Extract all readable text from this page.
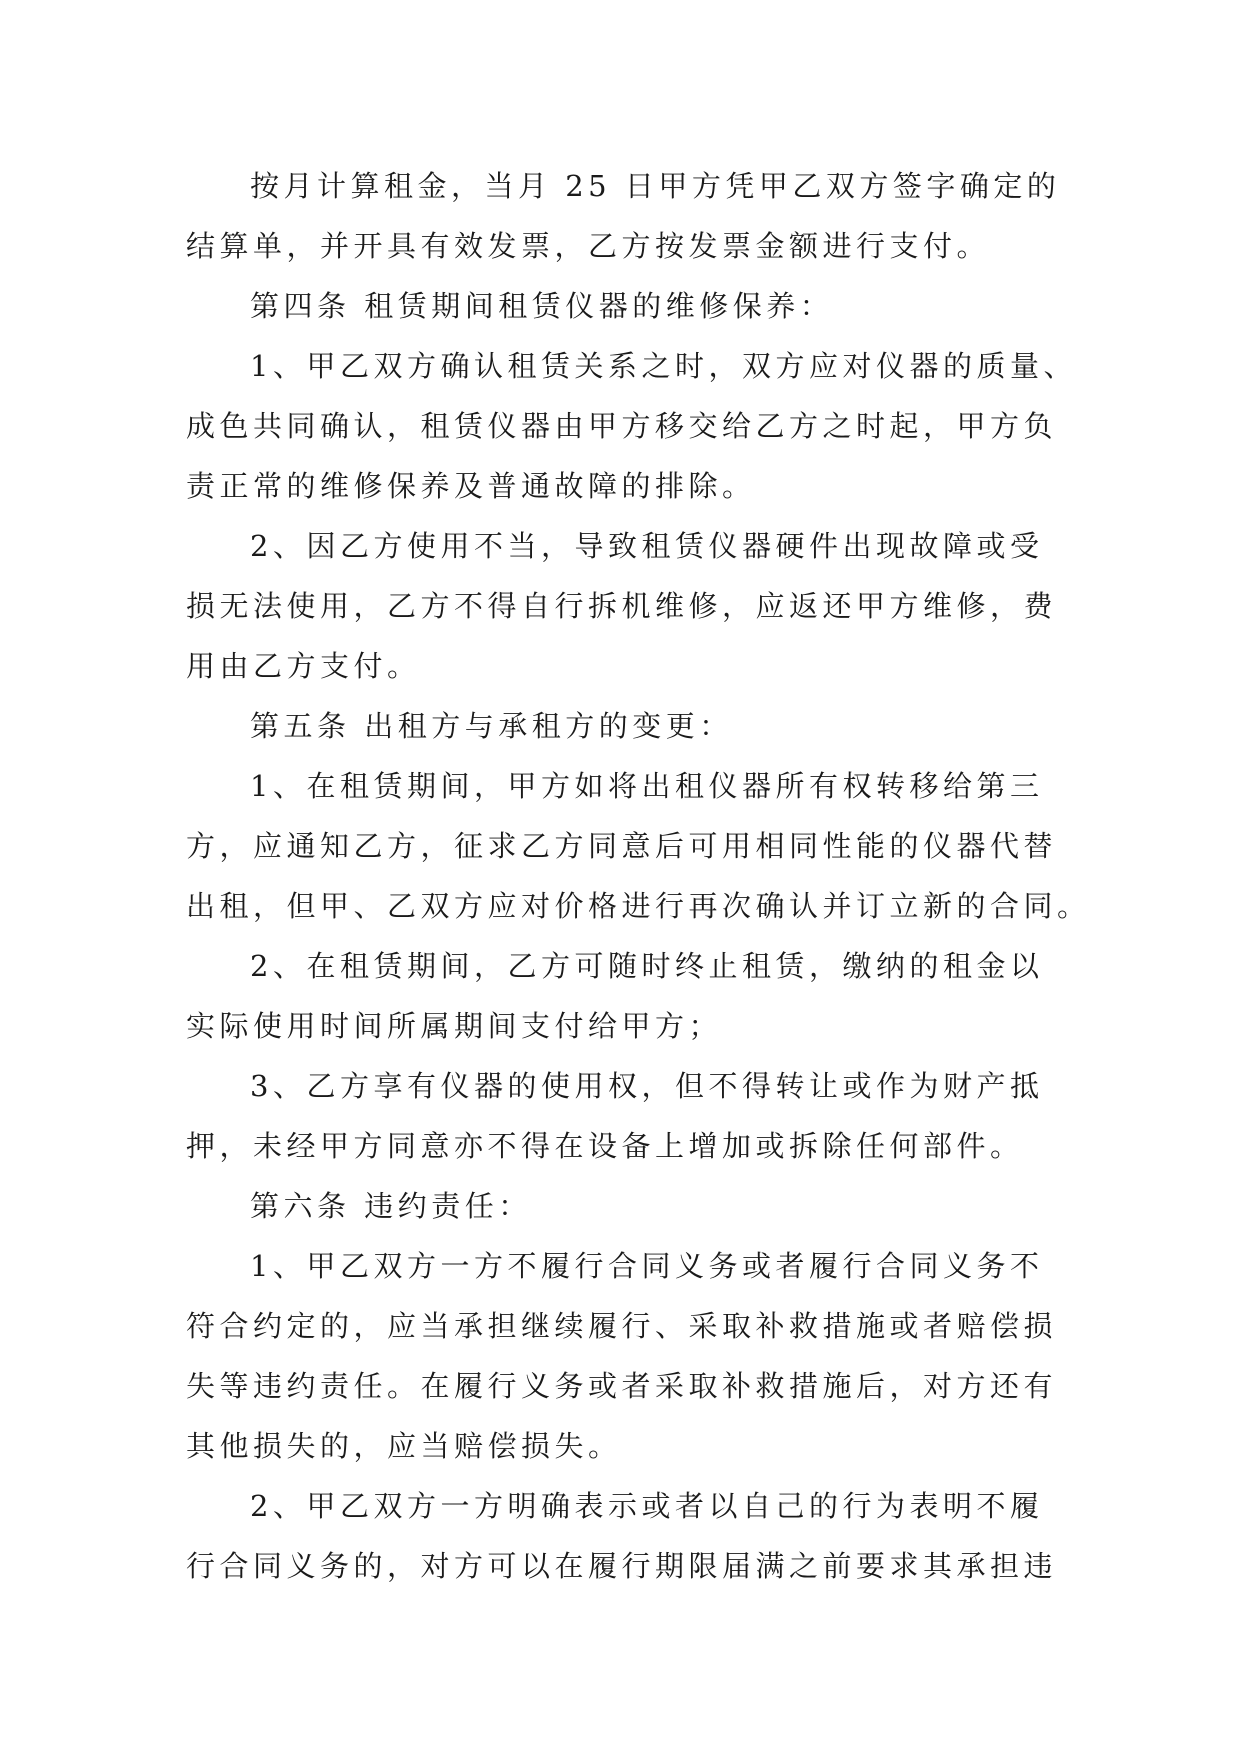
按月计算租金，当月 25 日甲方凭甲乙双方签字确定的
结算单，并开具有效发票，乙方按发票金额进行支付。
第四条 租赁期间租赁仪器的维修保养：
1、甲乙双方确认租赁关系之时，双方应对仪器的质量、
成色共同确认，租赁仪器由甲方移交给乙方之时起，甲方负
责正常的维修保养及普通故障的排除。
2、因乙方使用不当，导致租赁仪器硬件出现故障或受
损无法使用，乙方不得自行拆机维修，应返还甲方维修，费
用由乙方支付。
第五条 出租方与承租方的变更：
1、在租赁期间，甲方如将出租仪器所有权转移给第三
方，应通知乙方，征求乙方同意后可用相同性能的仪器代替
出租，但甲、乙双方应对价格进行再次确认并订立新的合同。
2、在租赁期间，乙方可随时终止租赁，缴纳的租金以
实际使用时间所属期间支付给甲方；
3、乙方享有仪器的使用权，但不得转让或作为财产抵
押，未经甲方同意亦不得在设备上增加或拆除任何部件。
第六条 违约责任：
1、甲乙双方一方不履行合同义务或者履行合同义务不
符合约定的，应当承担继续履行、采取补救措施或者赔偿损
失等违约责任。在履行义务或者采取补救措施后，对方还有
其他损失的，应当赔偿损失。
2、甲乙双方一方明确表示或者以自己的行为表明不履
行合同义务的，对方可以在履行期限届满之前要求其承担违
